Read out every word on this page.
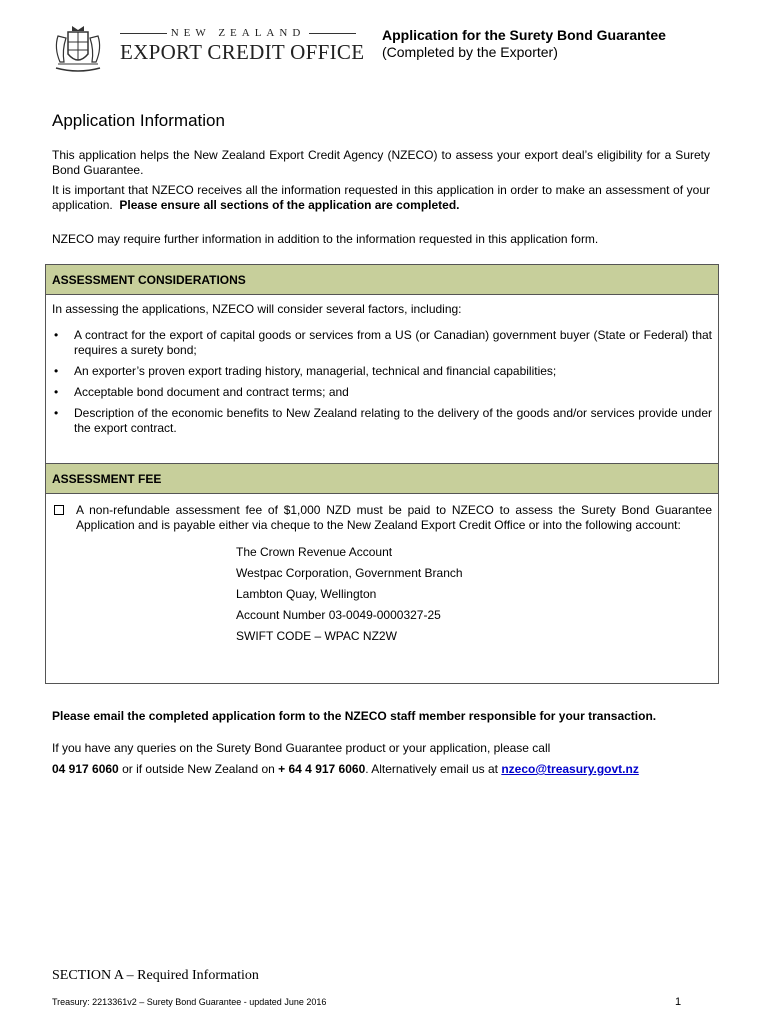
NEW ZEALAND
EXPORT CREDIT OFFICE
Application for the Surety Bond Guarantee
(Completed by the Exporter)
Application Information
This application helps the New Zealand Export Credit Agency (NZECO) to assess your export deal’s eligibility for a Surety Bond Guarantee.
It is important that NZECO receives all the information requested in this application in order to make an assessment of your application. Please ensure all sections of the application are completed.
NZECO may require further information in addition to the information requested in this application form.
ASSESSMENT CONSIDERATIONS
In assessing the applications, NZECO will consider several factors, including:
• A contract for the export of capital goods or services from a US (or Canadian) government buyer (State or Federal) that requires a surety bond;
• An exporter’s proven export trading history, managerial, technical and financial capabilities;
• Acceptable bond document and contract terms; and
• Description of the economic benefits to New Zealand relating to the delivery of the goods and/or services provide under the export contract.
ASSESSMENT FEE
A non-refundable assessment fee of $1,000 NZD must be paid to NZECO to assess the Surety Bond Guarantee Application and is payable either via cheque to the New Zealand Export Credit Office or into the following account:
The Crown Revenue Account
Westpac Corporation, Government Branch
Lambton Quay, Wellington
Account Number 03-0049-0000327-25
SWIFT CODE – WPAC NZ2W
Please email the completed application form to the NZECO staff member responsible for your transaction.
If you have any queries on the Surety Bond Guarantee product or your application, please call
04 917 6060 or if outside New Zealand on + 64 4 917 6060. Alternatively email us at nzeco@treasury.govt.nz
SECTION A – Required Information
Treasury: 2213361v2 – Surety Bond Guarantee - updated June 2016	1
